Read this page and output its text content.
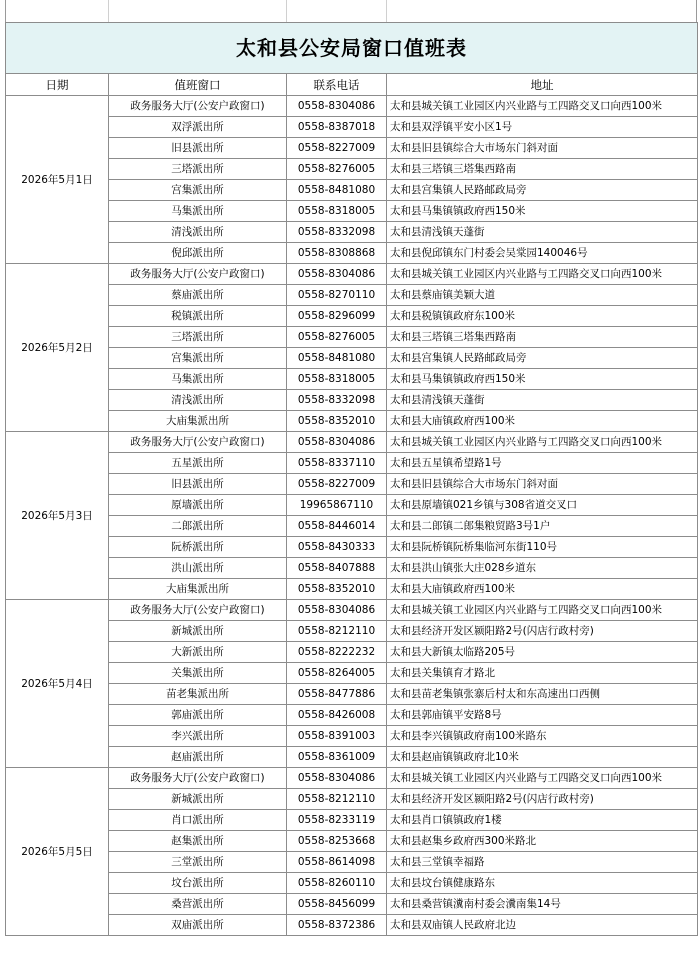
太和县公安局窗口值班表			
日期	值班窗口	联系电话	地址
2026年5月1日	政务服务大厅(公安户政窗口)	0558-8304086	太和县城关镇工业园区内兴业路与工四路交叉口向西100米
	双浮派出所	0558-8387018	太和县双浮镇平安小区1号
	旧县派出所	0558-8227009	太和县旧县镇综合大市场东门斜对面
	三塔派出所	0558-8276005	太和县三塔镇三塔集西路南
	宫集派出所	0558-8481080	太和县宫集镇人民路邮政局旁
	马集派出所	0558-8318005	太和县马集镇镇政府西150米
	清浅派出所	0558-8332098	太和县清浅镇天蓬街
	倪邱派出所	0558-8308868	太和县倪邱镇东门村委会吴棠园140046号
2026年5月2日	政务服务大厅(公安户政窗口)	0558-8304086	太和县城关镇工业园区内兴业路与工四路交叉口向西100米
	蔡庙派出所	0558-8270110	太和县蔡庙镇美颖大道
	税镇派出所	0558-8296099	太和县税镇镇政府东100米
	三塔派出所	0558-8276005	太和县三塔镇三塔集西路南
	宫集派出所	0558-8481080	太和县宫集镇人民路邮政局旁
	马集派出所	0558-8318005	太和县马集镇镇政府西150米
	清浅派出所	0558-8332098	太和县清浅镇天蓬街
	大庙集派出所	0558-8352010	太和县大庙镇政府西100米
2026年5月3日	政务服务大厅(公安户政窗口)	0558-8304086	太和县城关镇工业园区内兴业路与工四路交叉口向西100米
	五星派出所	0558-8337110	太和县五星镇希望路1号
	旧县派出所	0558-8227009	太和县旧县镇综合大市场东门斜对面
	原墙派出所	19965867110	太和县原墙镇021乡镇与308省道交叉口
	二郎派出所	0558-8446014	太和县二郎镇二郎集粮贸路3号1户
	阮桥派出所	0558-8430333	太和县阮桥镇阮桥集临河东街110号
	洪山派出所	0558-8407888	太和县洪山镇张大庄028乡道东
	大庙集派出所	0558-8352010	太和县大庙镇政府西100米
2026年5月4日	政务服务大厅(公安户政窗口)	0558-8304086	太和县城关镇工业园区内兴业路与工四路交叉口向西100米
	新城派出所	0558-8212110	太和县经济开发区颍阳路2号(闪店行政村旁)
	大新派出所	0558-8222232	太和县大新镇太临路205号
	关集派出所	0558-8264005	太和县关集镇育才路北
	苗老集派出所	0558-8477886	太和县苗老集镇张寨后村太和东高速出口西侧
	郭庙派出所	0558-8426008	太和县郭庙镇平安路8号
	李兴派出所	0558-8391003	太和县李兴镇镇政府南100米路东
	赵庙派出所	0558-8361009	太和县赵庙镇镇政府北10米
2026年5月5日	政务服务大厅(公安户政窗口)	0558-8304086	太和县城关镇工业园区内兴业路与工四路交叉口向西100米
	新城派出所	0558-8212110	太和县经济开发区颍阳路2号(闪店行政村旁)
	肖口派出所	0558-8233119	太和县肖口镇镇政府1楼
	赵集派出所	0558-8253668	太和县赵集乡政府西300米路北
	三堂派出所	0558-8614098	太和县三堂镇幸福路
	坟台派出所	0558-8260110	太和县坟台镇健康路东
	桑营派出所	0558-8456099	太和县桑营镇瀵南村委会瀵南集14号
	双庙派出所	0558-8372386	太和县双庙镇人民政府北边
